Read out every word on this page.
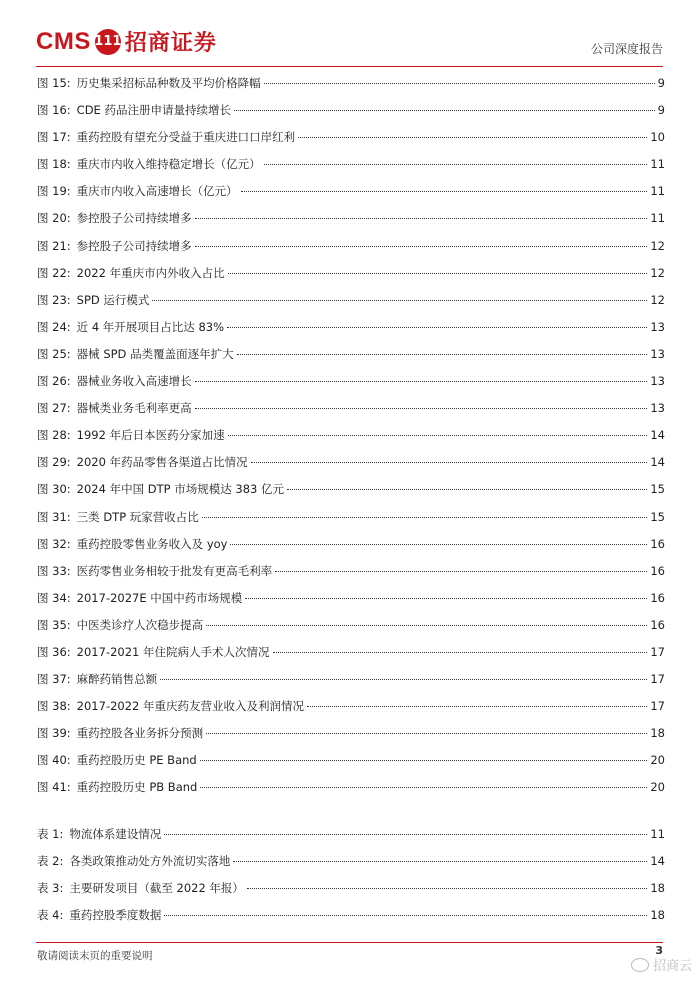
CMS 111 招商证券	公司深度报告
图 15: 历史集采招标品种数及平均价格降幅	9
图 16: CDE 药品注册申请量持续增长	9
图 17: 重药控股有望充分受益于重庆进口口岸红利	10
图 18: 重庆市内收入维持稳定增长（亿元）	11
图 19: 重庆市内收入高速增长（亿元）	11
图 20: 参控股子公司持续增多	11
图 21: 参控股子公司持续增多	12
图 22: 2022 年重庆市内外收入占比	12
图 23: SPD 运行模式	12
图 24: 近 4 年开展项目占比达 83%	13
图 25: 器械 SPD 品类覆盖面逐年扩大	13
图 26: 器械业务收入高速增长	13
图 27: 器械类业务毛利率更高	13
图 28: 1992 年后日本医药分家加速	14
图 29: 2020 年药品零售各渠道占比情况	14
图 30: 2024 年中国 DTP 市场规模达 383 亿元	15
图 31: 三类 DTP 玩家营收占比	15
图 32: 重药控股零售业务收入及 yoy	16
图 33: 医药零售业务相较于批发有更高毛利率	16
图 34: 2017-2027E 中国中药市场规模	16
图 35: 中医类诊疗人次稳步提高	16
图 36: 2017-2021 年住院病人手术人次情况	17
图 37: 麻醉药销售总额	17
图 38: 2017-2022 年重庆药友营业收入及利润情况	17
图 39: 重药控股各业务拆分预测	18
图 40: 重药控股历史 PE Band	20
图 41: 重药控股历史 PB Band	20
表 1: 物流体系建设情况	11
表 2: 各类政策推动处方外流切实落地	14
表 3: 主要研发项目（截至 2022 年报）	18
表 4: 重药控股季度数据	18
敬请阅读末页的重要说明	3
招商云
